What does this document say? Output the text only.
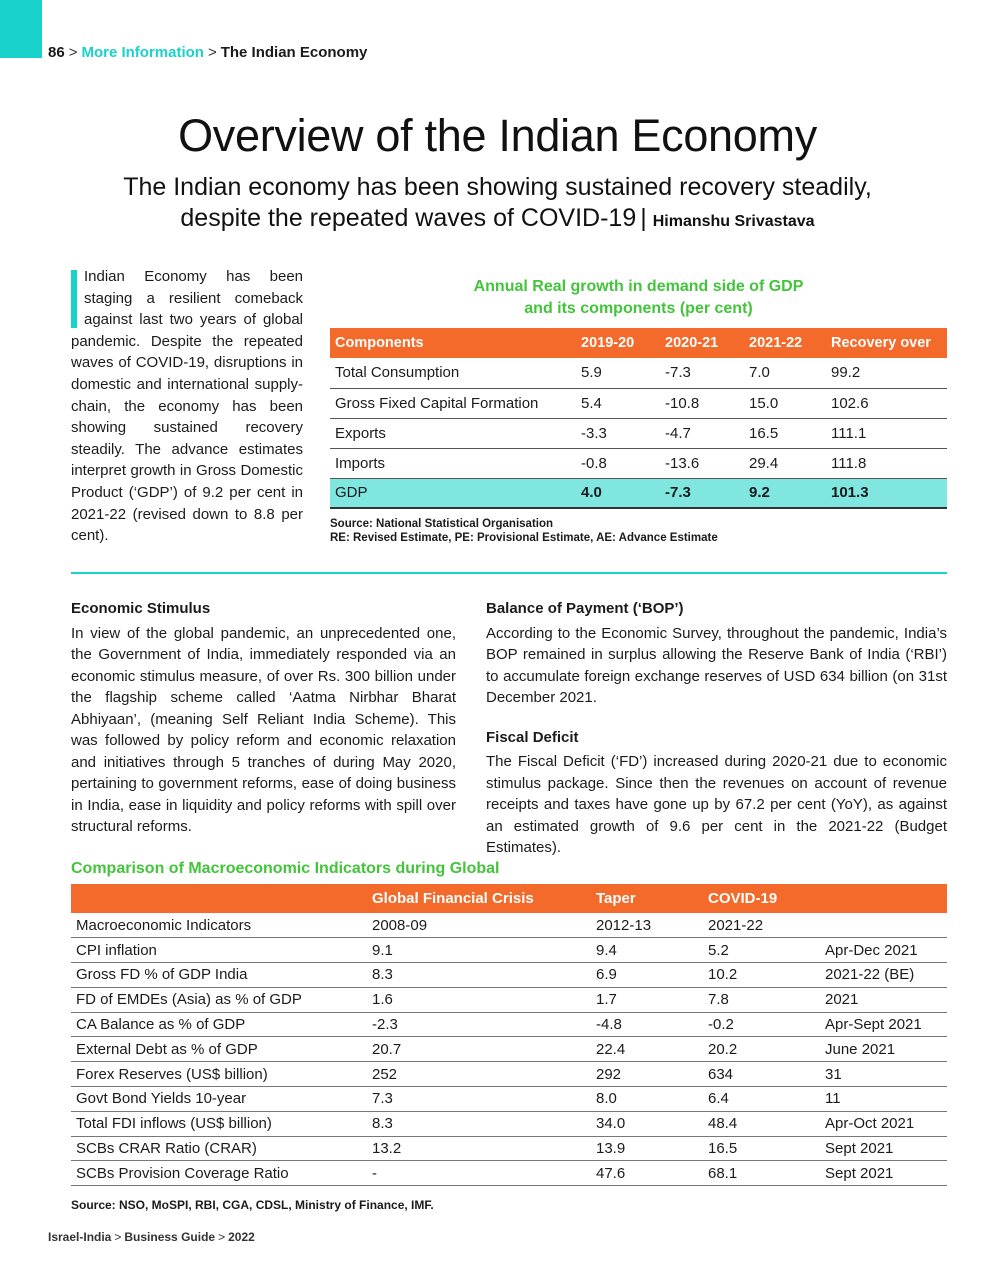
86 > More Information > The Indian Economy
Overview of the Indian Economy
The Indian economy has been showing sustained recovery steadily,
despite the repeated waves of COVID-19 | Himanshu Srivastava
Indian Economy has been staging a resilient comeback against last two years of global pandemic. Despite the repeated waves of COVID-19, disruptions in domestic and international supply-chain, the economy has been showing sustained recovery steadily. The advance estimates interpret growth in Gross Domestic Product (‘GDP’) of 9.2 per cent in 2021-22 (revised down to 8.8 per cent).
Annual Real growth in demand side of GDP
and its components (per cent)
Components	2019-20	2020-21	2021-22	Recovery over
Total Consumption	5.9	-7.3	7.0	99.2
Gross Fixed Capital Formation	5.4	-10.8	15.0	102.6
Exports	-3.3	-4.7	16.5	111.1
Imports	-0.8	-13.6	29.4	111.8
GDP	4.0	-7.3	9.2	101.3
Source: National Statistical Organisation
RE: Revised Estimate, PE: Provisional Estimate, AE: Advance Estimate
Economic Stimulus

In view of the global pandemic, an unprecedented one, the Government of India, immediately responded via an economic stimulus measure, of over Rs. 300 billion under the flagship scheme called ‘Aatma Nirbhar Bharat Abhiyaan’, (meaning Self Reliant India Scheme). This was followed by policy reform and economic relaxation and initiatives through 5 tranches of during May 2020, pertaining to government reforms, ease of doing business in India, ease in liquidity and policy reforms with spill over structural reforms.

Balance of Payment (‘BOP’)

According to the Economic Survey, throughout the pandemic, India’s BOP remained in surplus allowing the Reserve Bank of India (‘RBI’) to accumulate foreign exchange reserves of USD 634 billion (on 31st December 2021.

Fiscal Deficit

The Fiscal Deficit (‘FD’) increased during 2020-21 due to economic stimulus package. Since then the revenues on account of revenue receipts and taxes have gone up by 67.2 per cent (YoY), as against an estimated growth of 9.6 per cent in the 2021-22 (Budget Estimates).

Comparison of Macroeconomic Indicators during Global
	Global Financial Crisis	Taper	COVID-19	
Macroeconomic Indicators	2008-09	2012-13	2021-22	
CPI inflation	9.1	9.4	5.2	Apr-Dec 2021
Gross FD % of GDP India	8.3	6.9	10.2	2021-22 (BE)
FD of EMDEs (Asia) as % of GDP	1.6	1.7	7.8	2021
CA Balance as % of GDP	-2.3	-4.8	-0.2	Apr-Sept 2021
External Debt as % of GDP	20.7	22.4	20.2	June 2021
Forex Reserves (US$ billion)	252	292	634	31
Govt Bond Yields 10-year	7.3	8.0	6.4	11
Total FDI inflows (US$ billion)	8.3	34.0	48.4	Apr-Oct 2021
SCBs CRAR Ratio (CRAR)	13.2	13.9	16.5	Sept 2021
SCBs Provision Coverage Ratio	-	47.6	68.1	Sept 2021
Source: NSO, MoSPI, RBI, CGA, CDSL, Ministry of Finance, IMF.
Israel-India > Business Guide > 2022
